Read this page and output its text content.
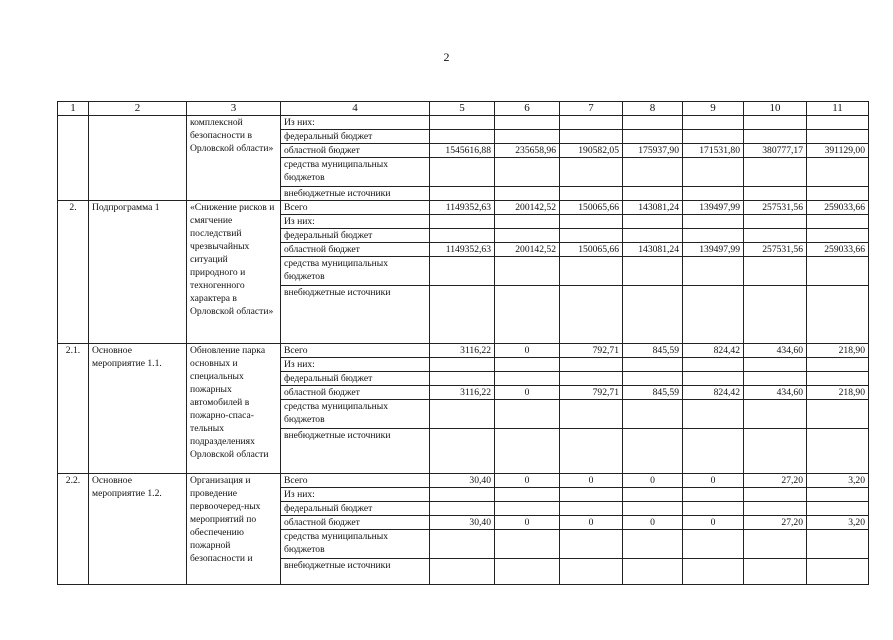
2
1	2	3	4	5	6	7	8	9	10	11
		комплексной безопасности в Орловской области»	Из них:							
			федеральный бюджет							
			областной бюджет	1545616,88	235658,96	190582,05	175937,90	171531,80	380777,17	391129,00
			средства муниципальных бюджетов							
			внебюджетные источники							
2.	Подпрограмма 1	«Снижение рисков и смягчение последствий чрезвычайных ситуаций природного и техногенного характера в Орловской области»	Всего	1149352,63	200142,52	150065,66	143081,24	139497,99	257531,56	259033,66
			Из них:							
			федеральный бюджет							
			областной бюджет	1149352,63	200142,52	150065,66	143081,24	139497,99	257531,56	259033,66
			средства муниципальных бюджетов							
			внебюджетные источники							
2.1.	Основное мероприятие 1.1.	Обновление парка основных и специальных пожарных автомобилей в пожарно-спаса-тельных подразделениях Орловской области	Всего	3116,22	0	792,71	845,59	824,42	434,60	218,90
			Из них:							
			федеральный бюджет							
			областной бюджет	3116,22	0	792,71	845,59	824,42	434,60	218,90
			средства муниципальных бюджетов							
			внебюджетные источники							
2.2.	Основное мероприятие 1.2.	Организация и проведение первоочеред-ных мероприятий по обеспечению пожарной безопасности и	Всего	30,40	0	0	0	0	27,20	3,20
			Из них:							
			федеральный бюджет							
			областной бюджет	30,40	0	0	0	0	27,20	3,20
			средства муниципальных бюджетов							
			внебюджетные источники							
